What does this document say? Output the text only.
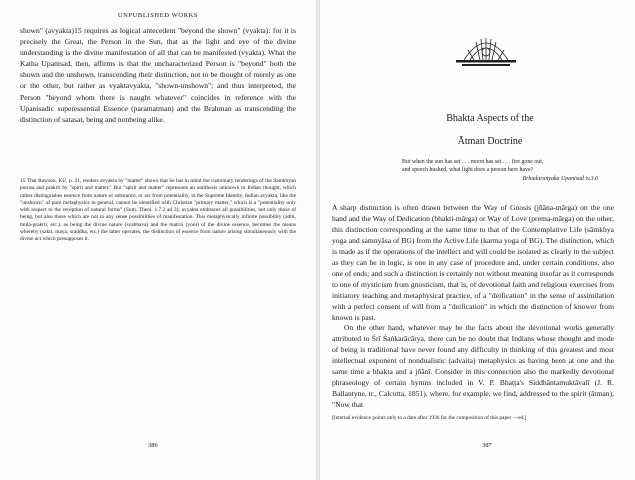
UNPUBLISHED WORKS
shown" (avyakta)15 requires as logical antecedent "beyond the shown" (vyakta): for it is precisely the Great, the Person in the Sun, that as the light and eye of the divine understanding is the divine manifestation of all that can be manifested (vyakta). What the Katha Upanisad, then, affirms is that the uncharacterized Person is "beyond" both the shown and the unshown, transcending their distinction, not to be thought of merely as one or the other, but rather as vyaktavyakta, "shown-unshown"; and thus interpreted, the Person "beyond whom there is naught whatever" coincides in reference with the Upanisadic superessential Essence (paramatman) and the Brahman as transcending the distinction of satasat, being and nonbeing alike.
15 That Rawson, KU, p. 21, renders avyakta by "matter" shows that he has in mind the customary renderings of the Samkhyan purusa and prakrti by "spirit and matter." But "spirit and matter" represents an antithesis unknown to Indian thought, which rather distinguishes essence from nature or substance, or act from potentiality, in the Supreme Identity. Indian avyakta, like the "unshown" of pure metaphysics in general, cannot be identified with Christian "primary matter," which is a "potentiality only with respect to the reception of natural forms" (Sum. Theol. 1.7.2 ad 3); avyakta embraces all possibilities, not only those of being, but also those which are not in any sense possibilities of manifestation. This metaphysically infinite possibility (aditi, mula-prakrti, etc.), as being the divine nature (svabhava) and the matrix (yoni) of the divine essence, becomes the means whereby (sakti, maya, sraddha, etc.) the latter operates, the distinction of essence from nature arising simultaneously with the divine act which presupposes it.
386
Bhakta Aspects of the
Ātman Doctrine
But when the sun has set . . . moon has set . . . fire gone out,
and speech hushed, what light does a person here have?
Brhadaranyaka Upanisad iv.3.6

A sharp distinction is often drawn between the Way of Gnosis (jñāna-mārga) on the one hand and the Way of Dedication (bhakti-mārga) or Way of Love (prema-mārga) on the other, this distinction corresponding at the same time to that of the Contemplative Life (sāmkhya yoga and samnyāsa of BG) from the Active Life (karma yoga of BG). The distinction, which is made as if the operations of the intellect and will could be isolated as clearly in the subject as they can be in logic, is one in any case of procedure and, under certain conditions, also one of ends; and such a distinction is certainly not without meaning insofar as it corresponds to one of mysticism from gnosticism, that is, of devotional faith and religious exercises from initiatory teaching and metaphysical practice, of a "deification" in the sense of assimilation with a perfect consent of will from a "deification" in which the distinction of knower from known is past.

On the other hand, whatever may be the facts about the devotional works generally attributed to Śrī Śaṅkarācārya, there can be no doubt that Indians whose thought and mode of being is traditional have never found any difficulty in thinking of this greatest and most intellectual exponent of nondualistic (advaita) metaphysics as having been at one and the same time a bhakta and a jñānī. Consider in this connection also the markedly devotional phraseology of certain hymns included in V. P. Bhaṭṭa's Siddhāntamuktāvalī (J. R. Ballantyne, tr., Calcutta, 1851), where, for example, we find, addressed to the spirit (ātman), "Now that

[Internal evidence points only to a date after 1936 for the composition of this paper —ed.]
387
